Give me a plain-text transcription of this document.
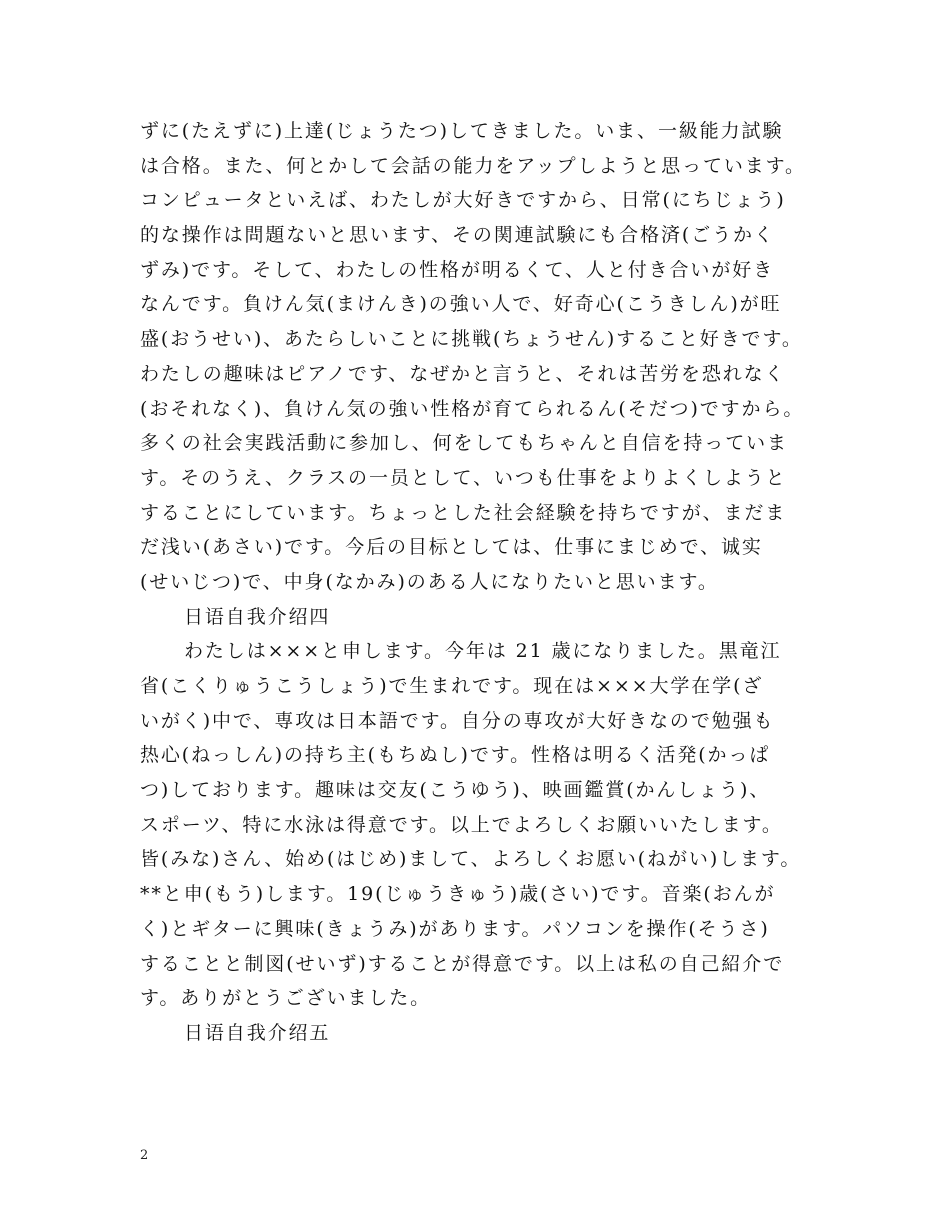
ずに(たえずに)上達(じょうたつ)してきました。いま、一級能力試験
は合格。また、何とかして会話の能力をアップしようと思っています。
コンピュータといえば、わたしが大好きですから、日常(にちじょう)
的な操作は問題ないと思います、その関連試験にも合格済(ごうかく
ずみ)です。そして、わたしの性格が明るくて、人と付き合いが好き
なんです。負けん気(まけんき)の強い人で、好奇心(こうきしん)が旺
盛(おうせい)、あたらしいことに挑戦(ちょうせん)すること好きです。
わたしの趣味はピアノです、なぜかと言うと、それは苦労を恐れなく
(おそれなく)、負けん気の強い性格が育てられるん(そだつ)ですから。
多くの社会実践活動に参加し、何をしてもちゃんと自信を持っていま
す。そのうえ、クラスの一员として、いつも仕事をよりよくしようと
することにしています。ちょっとした社会経験を持ちですが、まだま
だ浅い(あさい)です。今后の目标としては、仕事にまじめで、诚实
(せいじつ)で、中身(なかみ)のある人になりたいと思います。
日语自我介绍四
わたしは×××と申します。今年は 21 歳になりました。黒竜江
省(こくりゅうこうしょう)で生まれです。现在は×××大学在学(ざ
いがく)中で、専攻は日本語です。自分の専攻が大好きなので勉强も
热心(ねっしん)の持ち主(もちぬし)です。性格は明るく活発(かっぱ
つ)しております。趣味は交友(こうゆう)、映画鑑賞(かんしょう)、
スポーツ、特に水泳は得意です。以上でよろしくお願いいたします。
皆(みな)さん、始め(はじめ)まして、よろしくお愿い(ねがい)します。
**と申(もう)します。19(じゅうきゅう)歳(さい)です。音楽(おんが
く)とギターに興味(きょうみ)があります。パソコンを操作(そうさ)
することと制図(せいず)することが得意です。以上は私の自己紹介で
す。ありがとうございました。
日语自我介绍五
2
